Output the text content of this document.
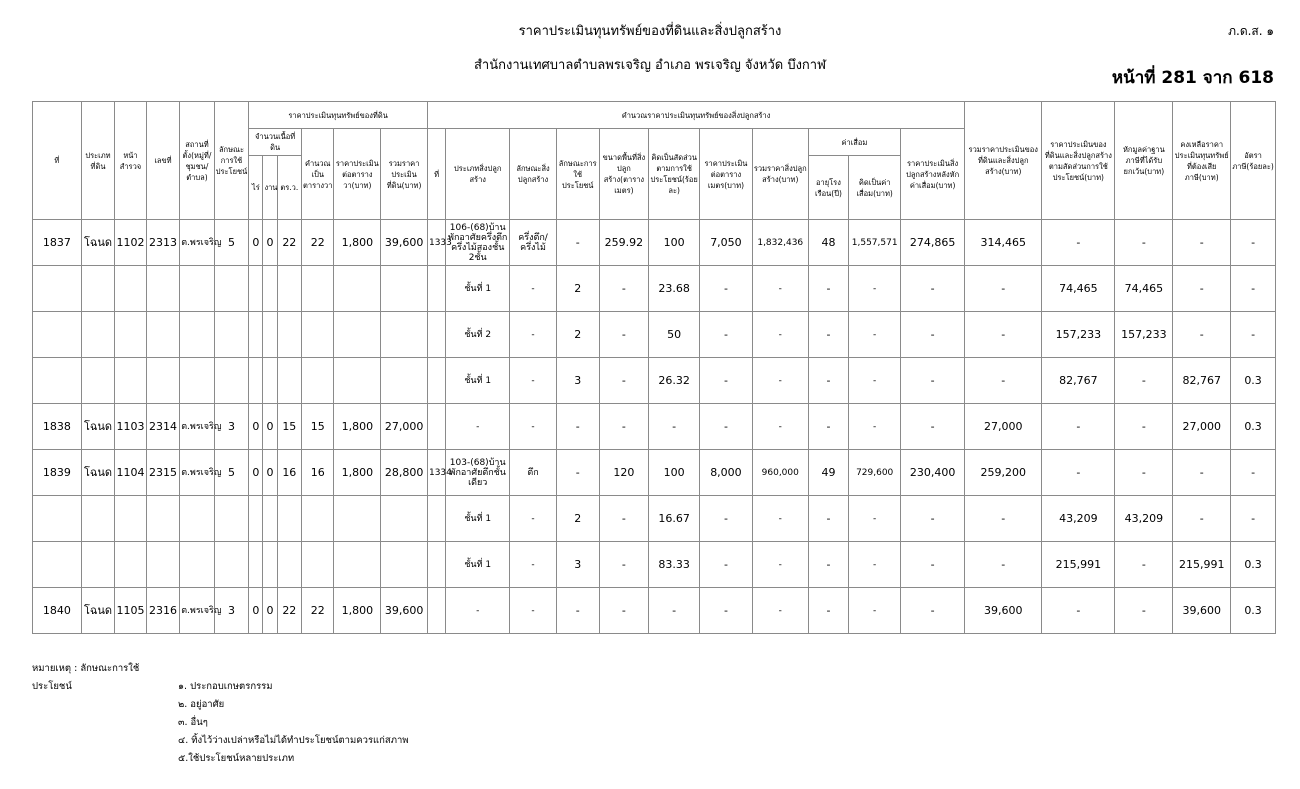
ราคาประเมินทุนทรัพย์ของที่ดินและสิ่งปลูกสร้าง	ภ.ด.ส. ๑
สำนักงานเทศบาลตำบลพรเจริญ อำเภอ พรเจริญ จังหวัด บึงกาฬ
หน้าที่ 281 จาก 618
ที่	ประเภทที่ดิน	หน้าสำรวจ	เลขที่	สถานที่ตั้ง(หมู่ที่/ชุมชน/ตำบล)	ลักษณะการใช้ประโยชน์	ราคาประเมินทุนทรัพย์ของที่ดิน						คำนวณราคาประเมินทุนทรัพย์ของสิ่งปลูกสร้าง											รวมราคาประเมินของที่ดินและสิ่งปลูกสร้าง(บาท)	ราคาประเมินของที่ดินและสิ่งปลูกสร้างตามสัดส่วนการใช้ประโยชน์(บาท)	หักมูลค่าฐานภาษีที่ได้รับยกเว้น(บาท)	คงเหลือราคาประเมินทุนทรัพย์ที่ต้องเสียภาษี(บาท)	อัตราภาษี(ร้อยละ)
						จำนวนเนื้อที่ดิน			คำนวณเป็นตารางวา	ราคาประเมินต่อตารางวา(บาท)	รวมราคาประเมินที่ดิน(บาท)	ที่	ประเภทสิ่งปลูกสร้าง	ลักษณะสิ่งปลูกสร้าง	ลักษณะการใช้ประโยชน์	ขนาดพื้นที่สิ่งปลูกสร้าง(ตารางเมตร)	คิดเป็นสัดส่วนตามการใช้ประโยชน์(ร้อยละ)	ราคาประเมินต่อตารางเมตร(บาท)	รวมราคาสิ่งปลูกสร้าง(บาท)	ค่าเสื่อม		ราคาประเมินสิ่งปลูกสร้างหลังหักค่าเสื่อม(บาท)					
						ไร่	งาน	ตร.ว.												อายุโรงเรือน(ปี)	คิดเป็นค่าเสื่อม(บาท)						
1837	โฉนด	1102	2313	ต.พรเจริญ	5	0	0	22	22	1,800	39,600	1333	106-(68)บ้านพักอาศัยครึ่งตึกครึ่งไม้สองชั้น 2ชั้น	ครึ่งตึก/ครึ่งไม้	-	259.92	100	7,050	1,832,436	48	1,557,571	274,865	314,465	-	-	-	-
													ชั้นที่ 1	-	2	-	23.68	-	-	-	-	-	-	74,465	74,465	-	-
													ชั้นที่ 2	-	2	-	50	-	-	-	-	-	-	157,233	157,233	-	-
													ชั้นที่ 1	-	3	-	26.32	-	-	-	-	-	-	82,767	-	82,767	0.3
1838	โฉนด	1103	2314	ต.พรเจริญ	3	0	0	15	15	1,800	27,000		-	-	-	-	-	-	-	-	-	-	27,000	-	-	27,000	0.3
1839	โฉนด	1104	2315	ต.พรเจริญ	5	0	0	16	16	1,800	28,800	1334	103-(68)บ้านพักอาศัยตึกชั้นเดียว	ตึก	-	120	100	8,000	960,000	49	729,600	230,400	259,200	-	-	-	-
													ชั้นที่ 1	-	2	-	16.67	-	-	-	-	-	-	43,209	43,209	-	-
													ชั้นที่ 1	-	3	-	83.33	-	-	-	-	-	-	215,991	-	215,991	0.3
1840	โฉนด	1105	2316	ต.พรเจริญ	3	0	0	22	22	1,800	39,600		-	-	-	-	-	-	-	-	-	-	39,600	-	-	39,600	0.3
หมายเหตุ : ลักษณะการใช้ประโยชน์	๑. ประกอบเกษตรกรรม
๒. อยู่อาศัย
๓. อื่นๆ
๔. ทิ้งไว้ว่างเปล่าหรือไม่ได้ทำประโยชน์ตามควรแก่สภาพ
๕.ใช้ประโยชน์หลายประเภท
